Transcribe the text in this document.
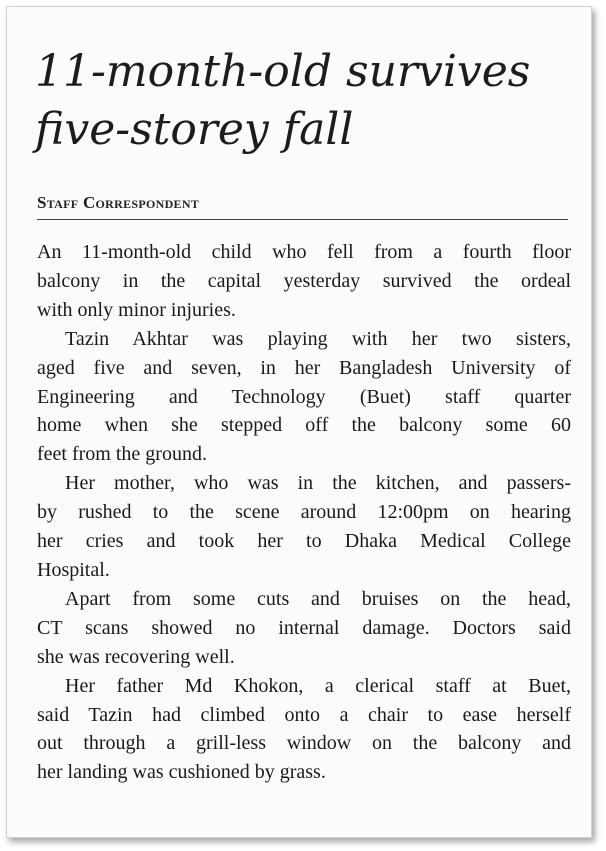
11-month-old survives
five-storey fall
Staff Correspondent

An 11-month-old child who fell from a fourth floor
balcony in the capital yesterday survived the ordeal
with only minor injuries.

Tazin Akhtar was playing with her two sisters,
aged five and seven, in her Bangladesh University of
Engineering and Technology (Buet) staff quarter
home when she stepped off the balcony some 60
feet from the ground.

Her mother, who was in the kitchen, and passers-
by rushed to the scene around 12:00pm on hearing
her cries and took her to Dhaka Medical College
Hospital.

Apart from some cuts and bruises on the head,
CT scans showed no internal damage. Doctors said
she was recovering well.

Her father Md Khokon, a clerical staff at Buet,
said Tazin had climbed onto a chair to ease herself
out through a grill-less window on the balcony and
her landing was cushioned by grass.
